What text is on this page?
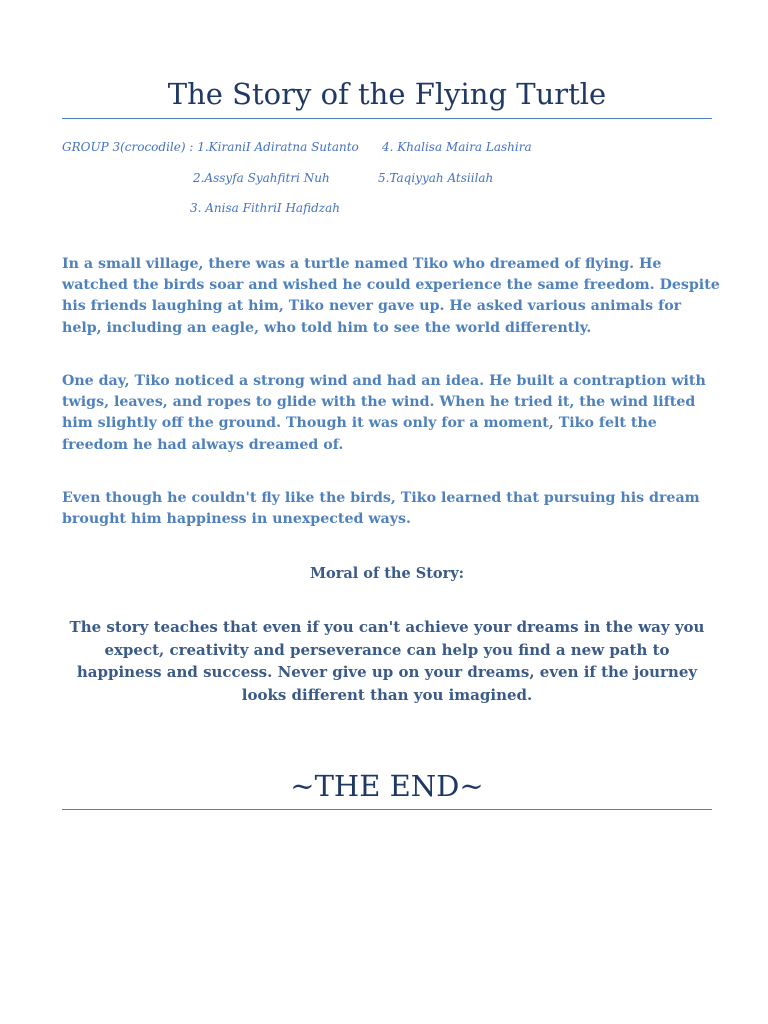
The Story of the Flying Turtle
GROUP 3(crocodile) : 1.KiraniI Adiratna Sutanto 4. Khalisa Maira Lashira
2.Assyfa Syahfitri Nuh	5.Taqiyyah Atsiilah
3. Anisa FithriI Hafidzah
In a small village, there was a turtle named Tiko who dreamed of flying. He watched the birds soar and wished he could experience the same freedom. Despite his friends laughing at him, Tiko never gave up. He asked various animals for help, including an eagle, who told him to see the world differently.
One day, Tiko noticed a strong wind and had an idea. He built a contraption with twigs, leaves, and ropes to glide with the wind. When he tried it, the wind lifted him slightly off the ground. Though it was only for a moment, Tiko felt the freedom he had always dreamed of.
Even though he couldn't fly like the birds, Tiko learned that pursuing his dream brought him happiness in unexpected ways.
Moral of the Story:
The story teaches that even if you can't achieve your dreams in the way you expect, creativity and perseverance can help you find a new path to happiness and success. Never give up on your dreams, even if the journey looks different than you imagined.
~THE END~
